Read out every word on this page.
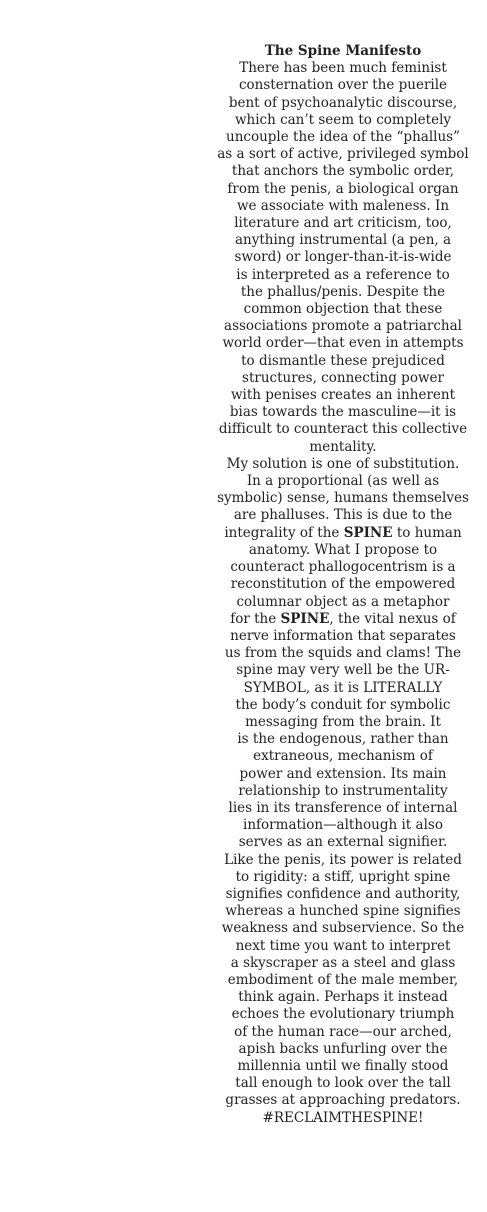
The Spine Manifesto

There has been much feminist
consternation over the puerile
bent of psychoanalytic discourse,
which can’t seem to completely
uncouple the idea of the “phallus”
as a sort of active, privileged symbol
that anchors the symbolic order,
from the penis, a biological organ
we associate with maleness. In
literature and art criticism, too,
anything instrumental (a pen, a
sword) or longer-than-it-is-wide
is interpreted as a reference to
the phallus/penis. Despite the
common objection that these
associations promote a patriarchal
world order—that even in attempts
to dismantle these prejudiced
structures, connecting power
with penises creates an inherent
bias towards the masculine—it is
difficult to counteract this collective
mentality.

My solution is one of substitution.
In a proportional (as well as
symbolic) sense, humans themselves
are phalluses. This is due to the
integrality of the SPINE to human
anatomy. What I propose to
counteract phallogocentrism is a
reconstitution of the empowered
columnar object as a metaphor
for the SPINE, the vital nexus of
nerve information that separates
us from the squids and clams! The
spine may very well be the UR-
SYMBOL, as it is LITERALLY
the body’s conduit for symbolic
messaging from the brain. It
is the endogenous, rather than
extraneous, mechanism of
power and extension. Its main
relationship to instrumentality
lies in its transference of internal
information—although it also
serves as an external signifier.
Like the penis, its power is related
to rigidity: a stiff, upright spine
signifies confidence and authority,
whereas a hunched spine signifies
weakness and subservience. So the
next time you want to interpret
a skyscraper as a steel and glass
embodiment of the male member,
think again. Perhaps it instead
echoes the evolutionary triumph
of the human race—our arched,
apish backs unfurling over the
millennia until we finally stood
tall enough to look over the tall
grasses at approaching predators.
#RECLAIMTHESPINE!
